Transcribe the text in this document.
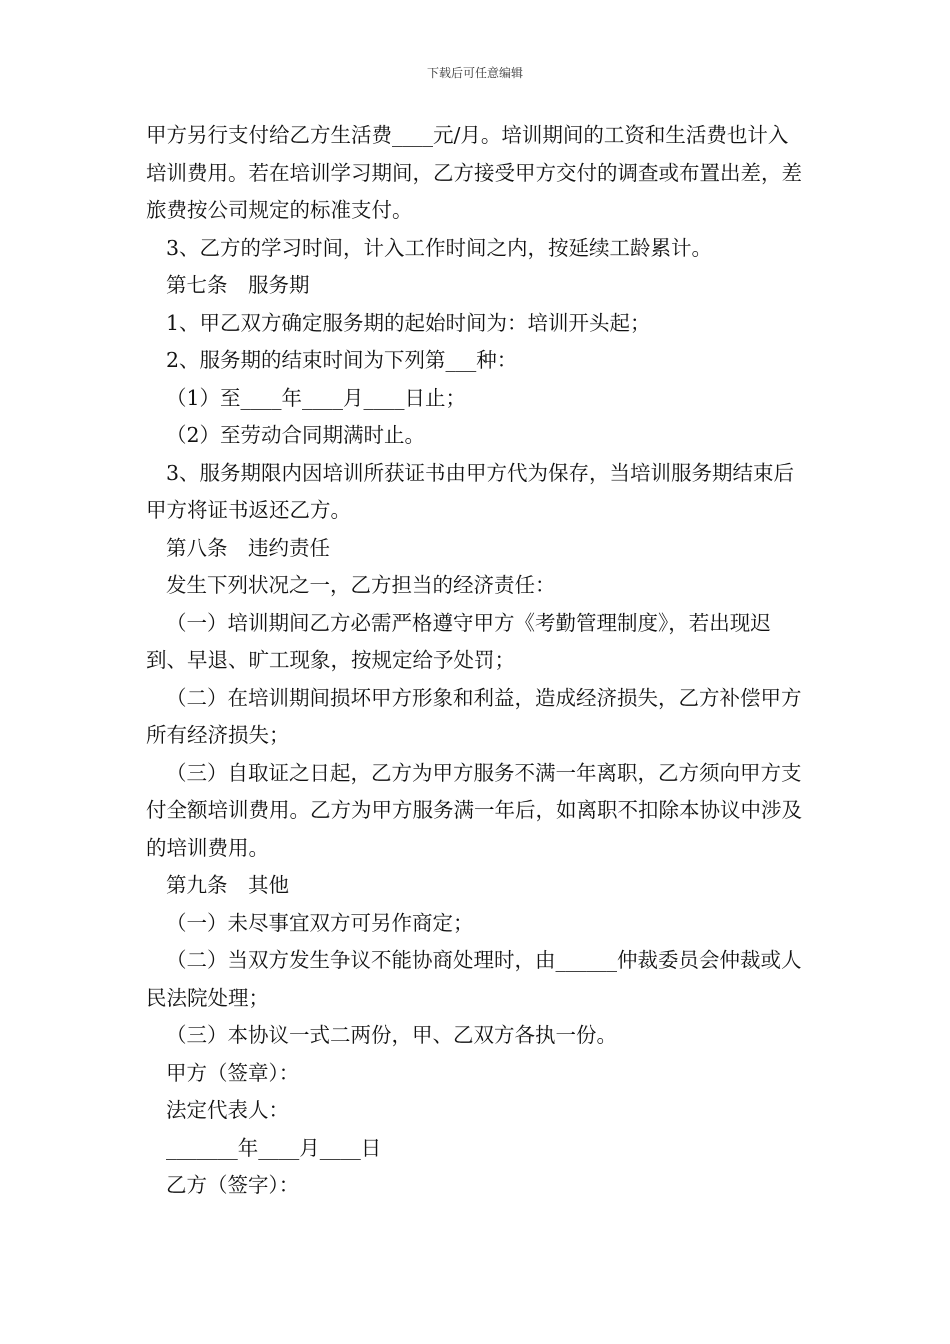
下载后可任意编辑

甲方另行支付给乙方生活费____元/月。培训期间的工资和生活费也计入培训费用。若在培训学习期间，乙方接受甲方交付的调查或布置出差，差旅费按公司规定的标准支付。

3、乙方的学习时间，计入工作时间之内，按延续工龄累计。

第七条　服务期

1、甲乙双方确定服务期的起始时间为：培训开头起；

2、服务期的结束时间为下列第___种：

（1）至____年____月____日止；

（2）至劳动合同期满时止。

3、服务期限内因培训所获证书由甲方代为保存，当培训服务期结束后甲方将证书返还乙方。

第八条　违约责任

发生下列状况之一，乙方担当的经济责任：

（一）培训期间乙方必需严格遵守甲方《考勤管理制度》，若出现迟到、早退、旷工现象，按规定给予处罚；

（二）在培训期间损坏甲方形象和利益，造成经济损失，乙方补偿甲方所有经济损失；

（三）自取证之日起，乙方为甲方服务不满一年离职，乙方须向甲方支付全额培训费用。乙方为甲方服务满一年后，如离职不扣除本协议中涉及的培训费用。

第九条　其他

（一）未尽事宜双方可另作商定；

（二）当双方发生争议不能协商处理时，由______仲裁委员会仲裁或人民法院处理；

（三）本协议一式二两份，甲、乙双方各执一份。

甲方（签章）：

法定代表人：

_______年____月____日

乙方（签字）：
